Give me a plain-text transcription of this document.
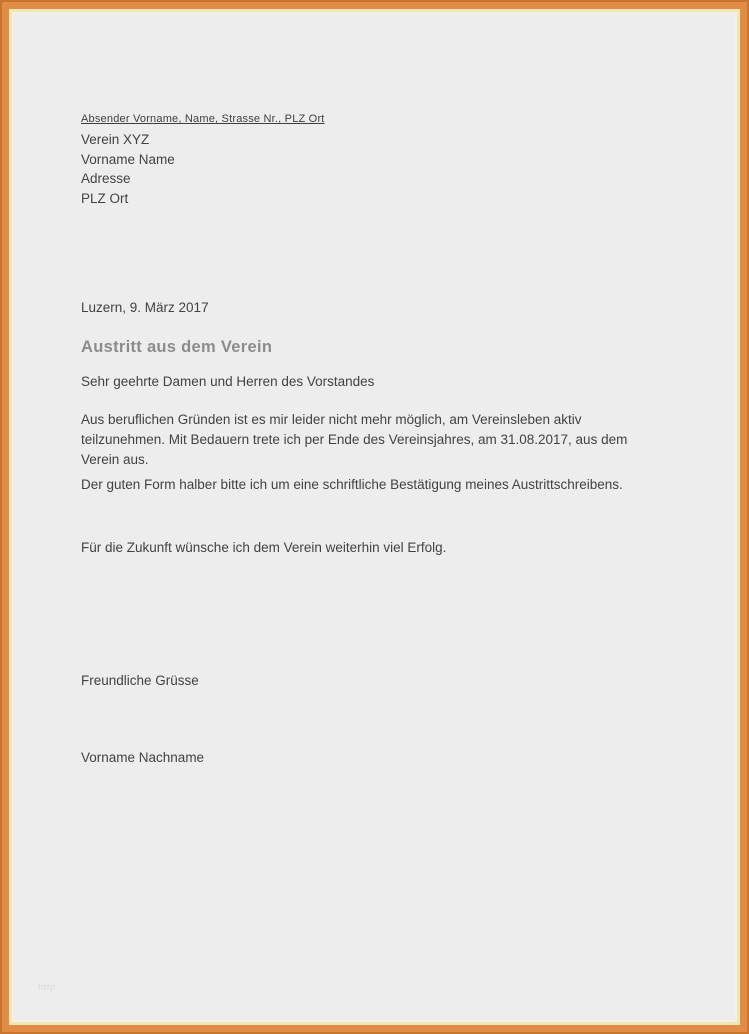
Absender Vorname, Name, Strasse Nr., PLZ Ort
Verein XYZ
Vorname Name
Adresse
PLZ Ort
Luzern, 9. März 2017
Austritt aus dem Verein
Sehr geehrte Damen und Herren des Vorstandes

Aus beruflichen Gründen ist es mir leider nicht mehr möglich, am Vereinsleben aktiv teilzunehmen. Mit Bedauern trete ich per Ende des Vereinsjahres, am 31.08.2017, aus dem Verein aus.

Der guten Form halber bitte ich um eine schriftliche Bestätigung meines Austrittschreibens.

Für die Zukunft wünsche ich dem Verein weiterhin viel Erfolg.

Freundliche Grüsse
Vorname Nachname
http
